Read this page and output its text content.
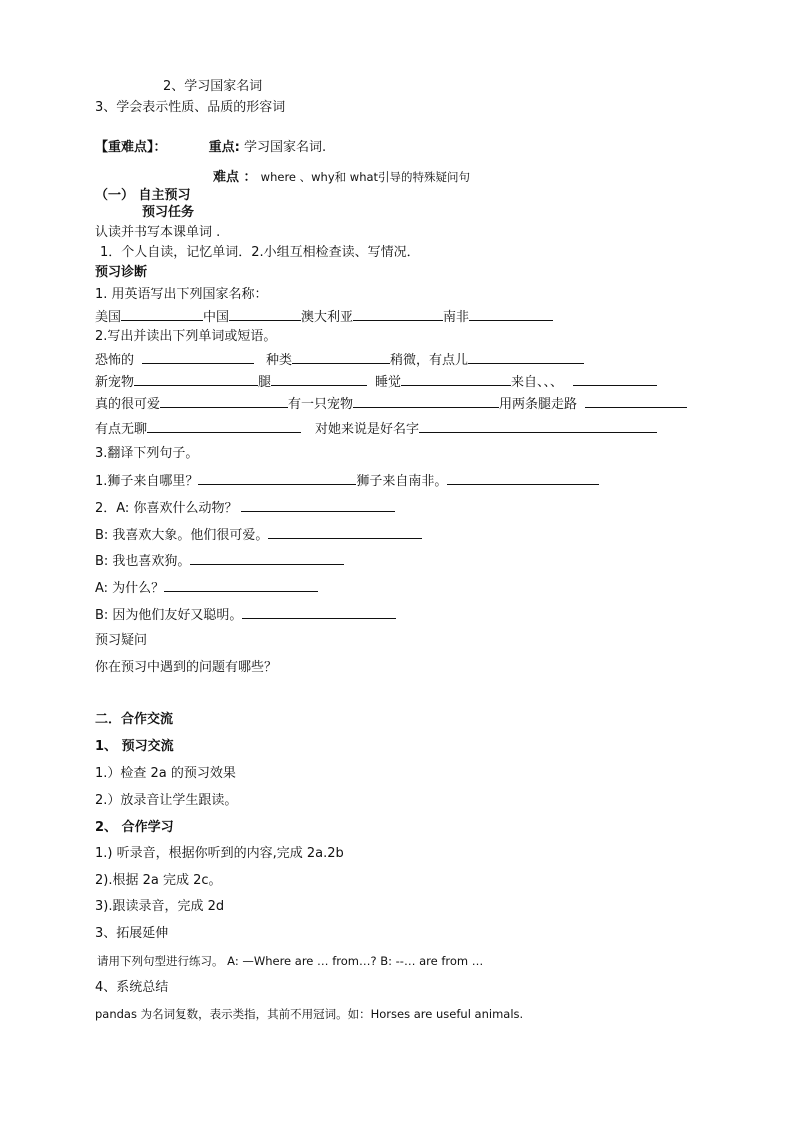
2、学习国家名词
3、学会表示性质、品质的形容词
【重难点】：	重点: 学习国家名词.
难点 ： where 、why和 what引导的特殊疑问句
（一） 自主预习
预习任务
认读并书写本课单词 .
1．个人自读，记忆单词．2.小组互相检查读、写情况．
预习诊断
1. 用英语写出下列国家名称：
美国	中国	澳大利亚	南非
2.写出并读出下列单词或短语。
恐怖的	种类	稍微，有点儿
新宠物	腿	睡觉	来自、、、
真的很可爱	有一只宠物	用两条腿走路
有点无聊	对她来说是好名字
3.翻译下列句子。
1.狮子来自哪里？	狮子来自南非。
2．A: 你喜欢什么动物？
B: 我喜欢大象。他们很可爱。
B: 我也喜欢狗。
A: 为什么？
B: 因为他们友好又聪明。
预习疑问
你在预习中遇到的问题有哪些？
二．合作交流
1、 预习交流
1.）检查 2a 的预习效果
2.）放录音让学生跟读。
2、 合作学习
1.) 听录音，根据你听到的内容,完成 2a.2b
2).根据 2a 完成 2c。
3).跟读录音，完成 2d
3、拓展延伸
请用下列句型进行练习。 A: —Where are … from…? B: --… are from …
4、系统总结
pandas 为名词复数，表示类指，其前不用冠词。如：Horses are useful animals.
